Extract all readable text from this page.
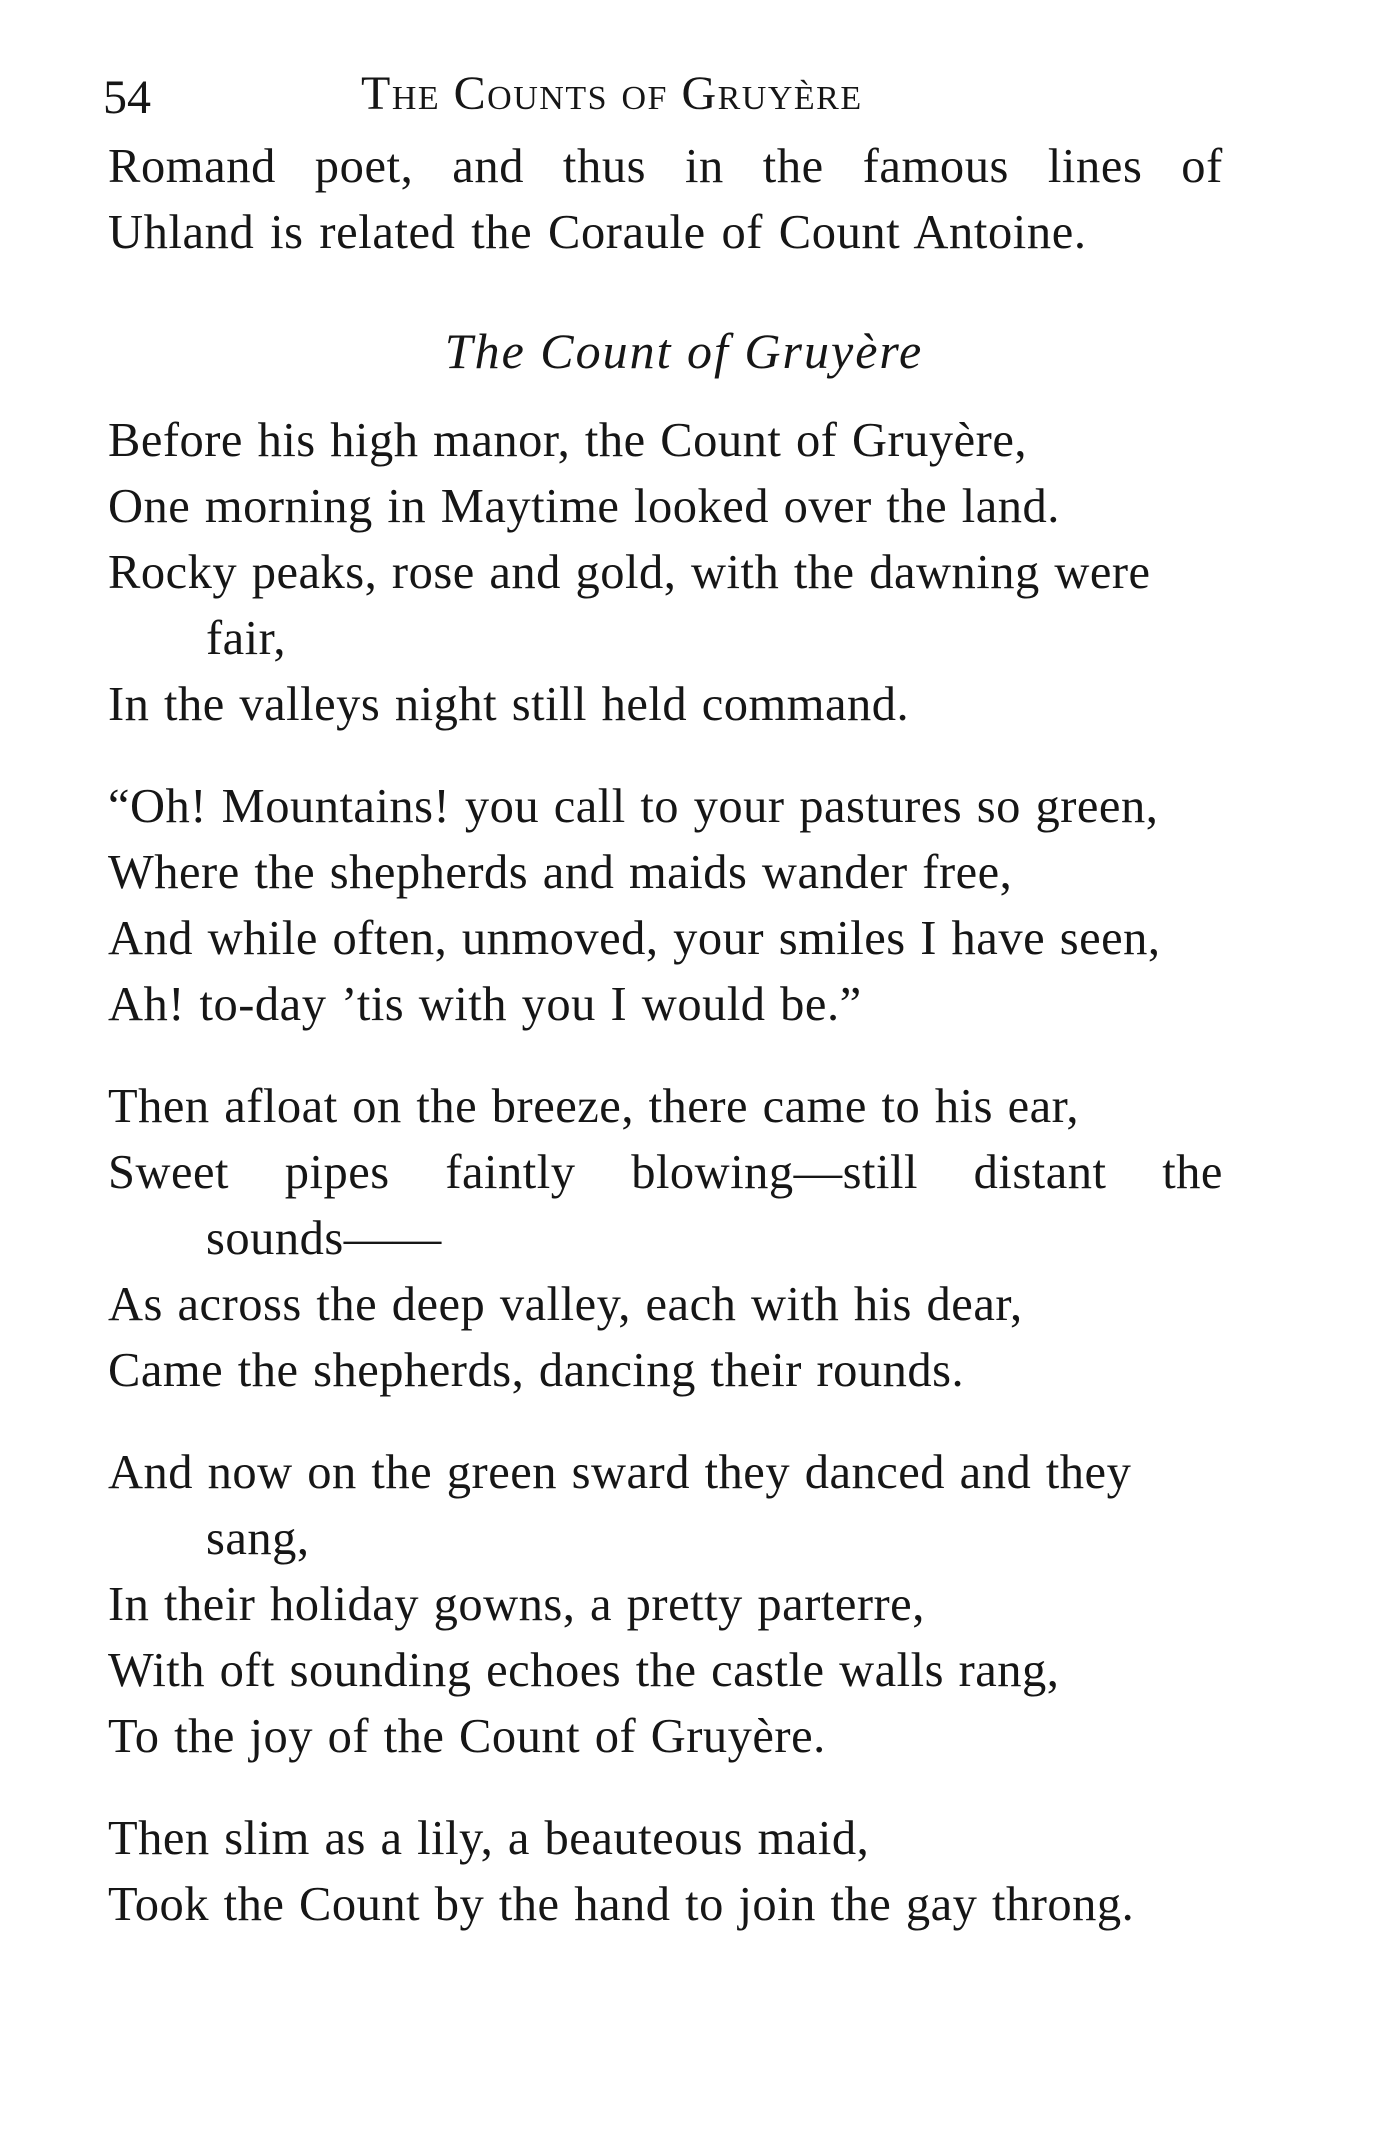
54	The Counts of Gruyère
Romand poet, and thus in the famous lines of
Uhland is related the Coraule of Count Antoine.
The Count of Gruyère
Before his high manor, the Count of Gruyère,
One morning in Maytime looked over the land.
Rocky peaks, rose and gold, with the dawning were
fair,
In the valleys night still held command.
“Oh! Mountains! you call to your pastures so green,
Where the shepherds and maids wander free,
And while often, unmoved, your smiles I have seen,
Ah! to-day ’tis with you I would be.”
Then afloat on the breeze, there came to his ear,
Sweet pipes faintly blowing—still distant the
sounds——
As across the deep valley, each with his dear,
Came the shepherds, dancing their rounds.
And now on the green sward they danced and they
sang,
In their holiday gowns, a pretty parterre,
With oft sounding echoes the castle walls rang,
To the joy of the Count of Gruyère.
Then slim as a lily, a beauteous maid,
Took the Count by the hand to join the gay throng.
